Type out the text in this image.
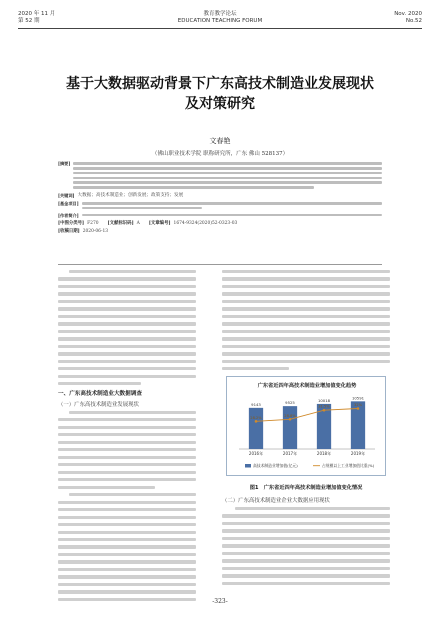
2020 年 11 月
第 52 期
教育教学论坛
EDUCATION TEACHING FORUM
Nov. 2020
No.52
基于大数据驱动背景下广东高技术制造业发展现状
及对策研究
文春艳
（佛山职业技术学院 职称研究所，广东 佛山 528137）
[摘要]
[关键词] 大数据；高技术制造业；创新发展；政策支持；发展
[基金项目]
[作者简介]
[中图分类号] F270 [文献标识码] A [文章编号] 1674-9324(2020)52-0323-03
[收稿日期] 2020-06-13
一、广东高技术制造业大数据调查
（一）广东高技术制造业发展现状
广东省近四年高技术制造业增加值变化趋势
9143
2016年
9525
2017年
10018
2018年
10591
2019年
28.2%
28.8%
31.5%	32%
高技术制造业增加值(亿元)	占规模以上工业增加值比重(%)
图1　广东省近四年高技术制造业增加值变化情况
（二）广东高技术制造业企业大数据应用现状
-323-
